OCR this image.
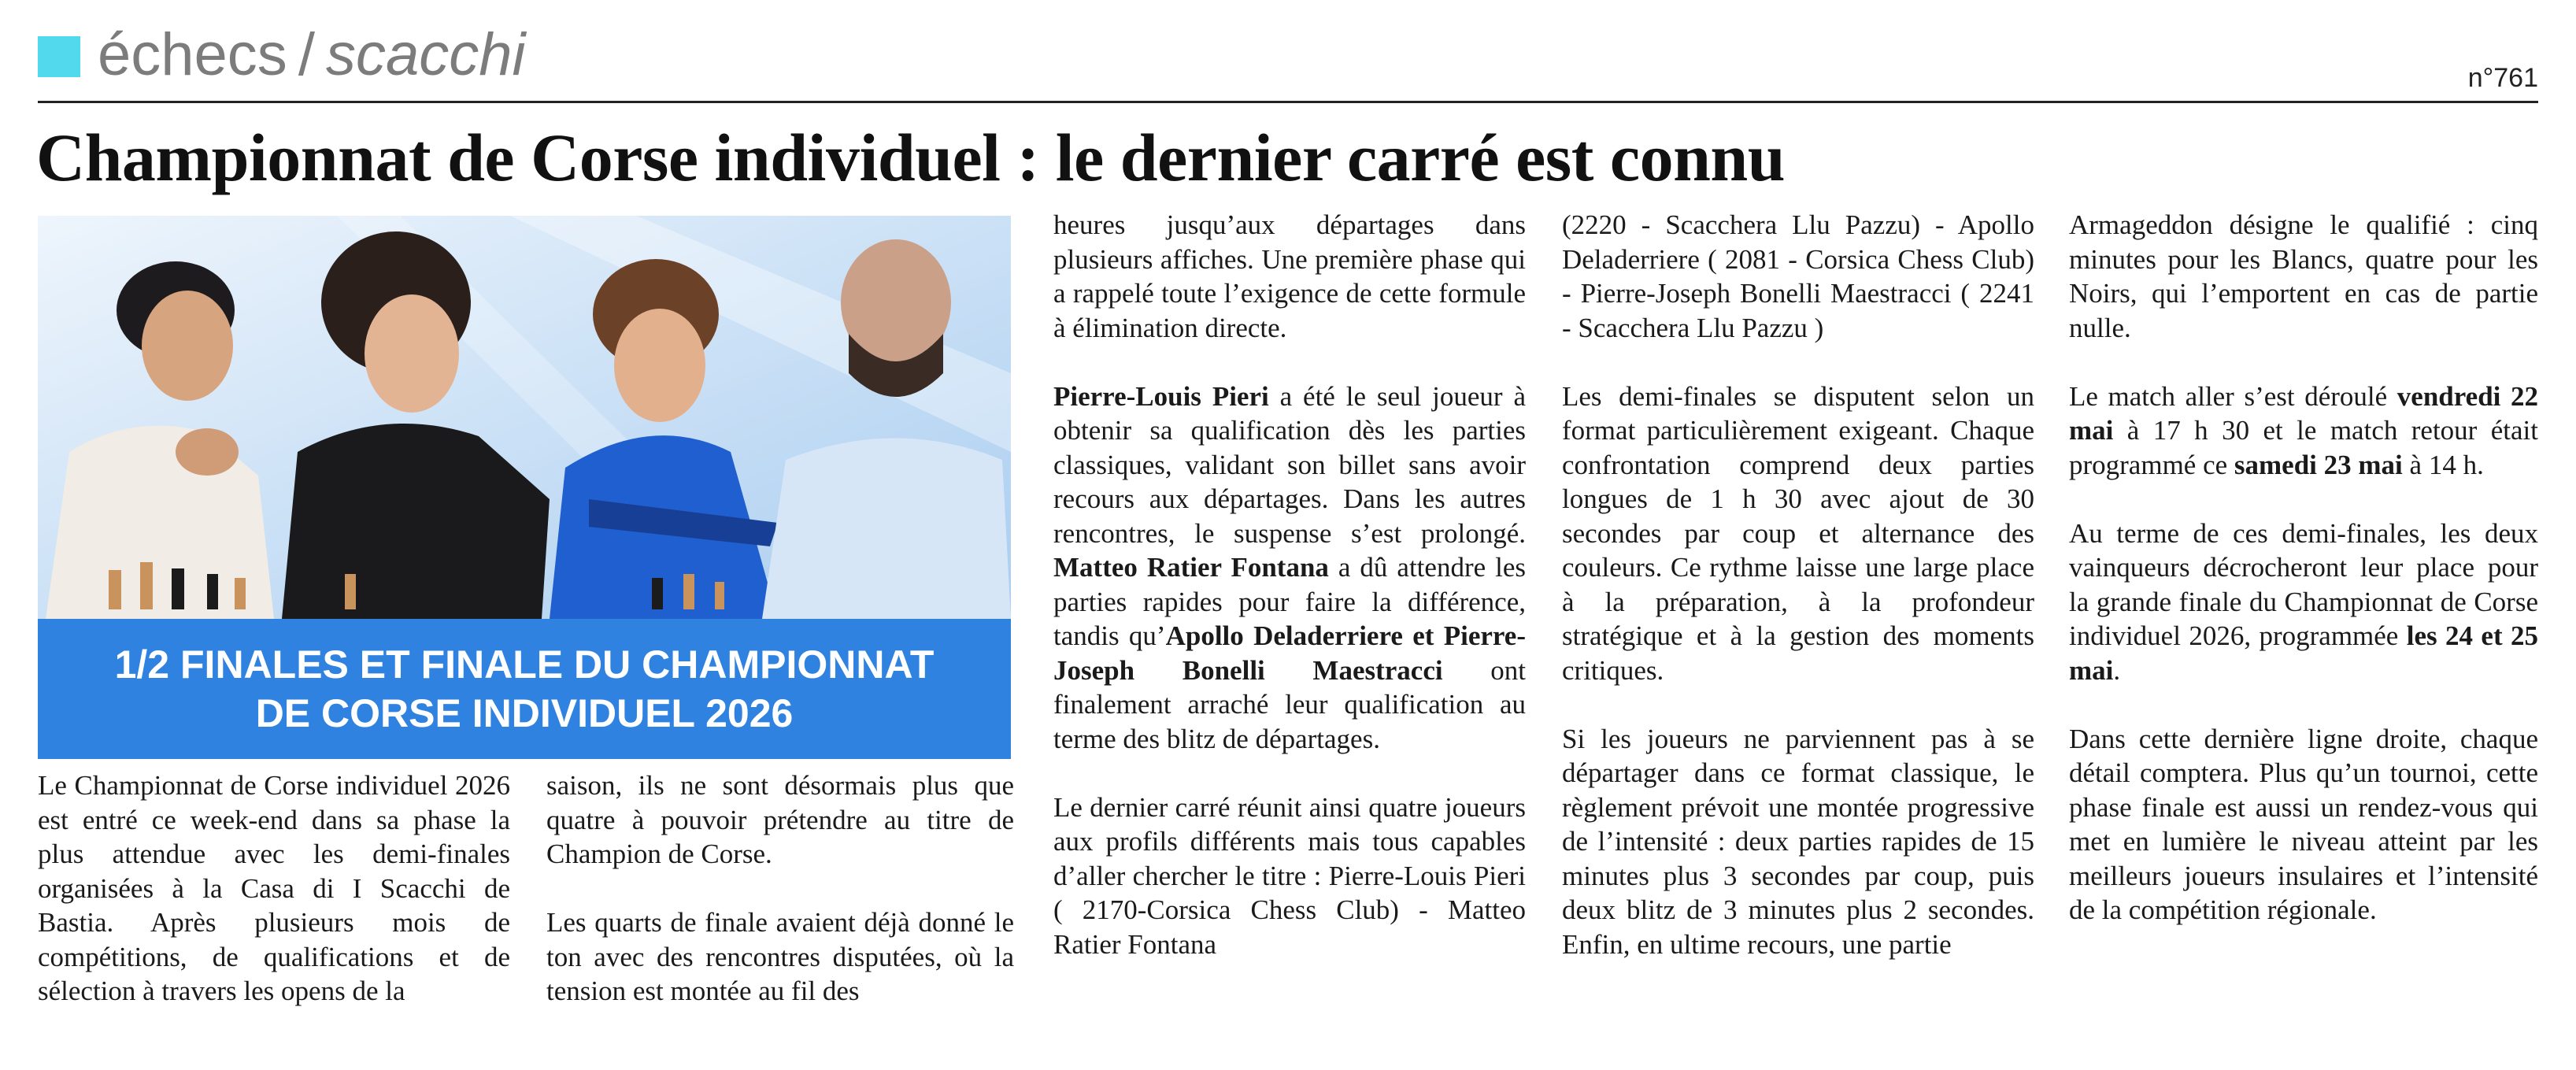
échecs / scacchi	n°761
Championnat de Corse individuel : le dernier carré est connu
1/2 FINALES ET FINALE DU CHAMPIONNAT
DE CORSE INDIVIDUEL 2026

Le Championnat de Corse individuel 2026 est entré ce week-end dans sa phase la plus attendue avec les demi-finales organisées à la Casa di I Scacchi de Bastia. Après plusieurs mois de compétitions, de qualifications et de sélection à travers les opens de la

saison, ils ne sont désormais plus que quatre à pouvoir prétendre au titre de Champion de Corse.

Les quarts de finale avaient déjà donné le ton avec des rencontres disputées, où la tension est montée au fil des

heures jusqu’aux départages dans plusieurs affiches. Une première phase qui a rappelé toute l’exigence de cette formule à élimination directe.

Pierre-Louis Pieri a été le seul joueur à obtenir sa qualification dès les parties classiques, validant son billet sans avoir recours aux départages. Dans les autres rencontres, le suspense s’est prolongé. Matteo Ratier Fontana a dû attendre les parties rapides pour faire la différence, tandis qu’Apollo Deladerriere et Pierre-Joseph Bonelli Maestracci ont finalement arraché leur qualification au terme des blitz de départages.

Le dernier carré réunit ainsi quatre joueurs aux profils différents mais tous capables d’aller chercher le titre : Pierre-Louis Pieri ( 2170-Corsica Chess Club) - Matteo Ratier Fontana

(2220 - Scacchera Llu Pazzu) - Apollo Deladerriere ( 2081 - Corsica Chess Club) - Pierre-Joseph Bonelli Maestracci ( 2241 - Scacchera Llu Pazzu )

Les demi-finales se disputent selon un format particulièrement exigeant. Chaque confrontation comprend deux parties longues de 1 h 30 avec ajout de 30 secondes par coup et alternance des couleurs. Ce rythme laisse une large place à la préparation, à la profondeur stratégique et à la gestion des moments critiques.

Si les joueurs ne parviennent pas à se départager dans ce format classique, le règlement prévoit une montée progressive de l’intensité : deux parties rapides de 15 minutes plus 3 secondes par coup, puis deux blitz de 3 minutes plus 2 secondes. Enfin, en ultime recours, une partie

Armageddon désigne le qualifié : cinq minutes pour les Blancs, quatre pour les Noirs, qui l’emportent en cas de partie nulle.

Le match aller s’est déroulé vendredi 22 mai à 17 h 30 et le match retour était programmé ce samedi 23 mai à 14 h.

Au terme de ces demi-finales, les deux vainqueurs décrocheront leur place pour la grande finale du Championnat de Corse individuel 2026, programmée les 24 et 25 mai.

Dans cette dernière ligne droite, chaque détail comptera. Plus qu’un tournoi, cette phase finale est aussi un rendez-vous qui met en lumière le niveau atteint par les meilleurs joueurs insulaires et l’intensité de la compétition régionale.
